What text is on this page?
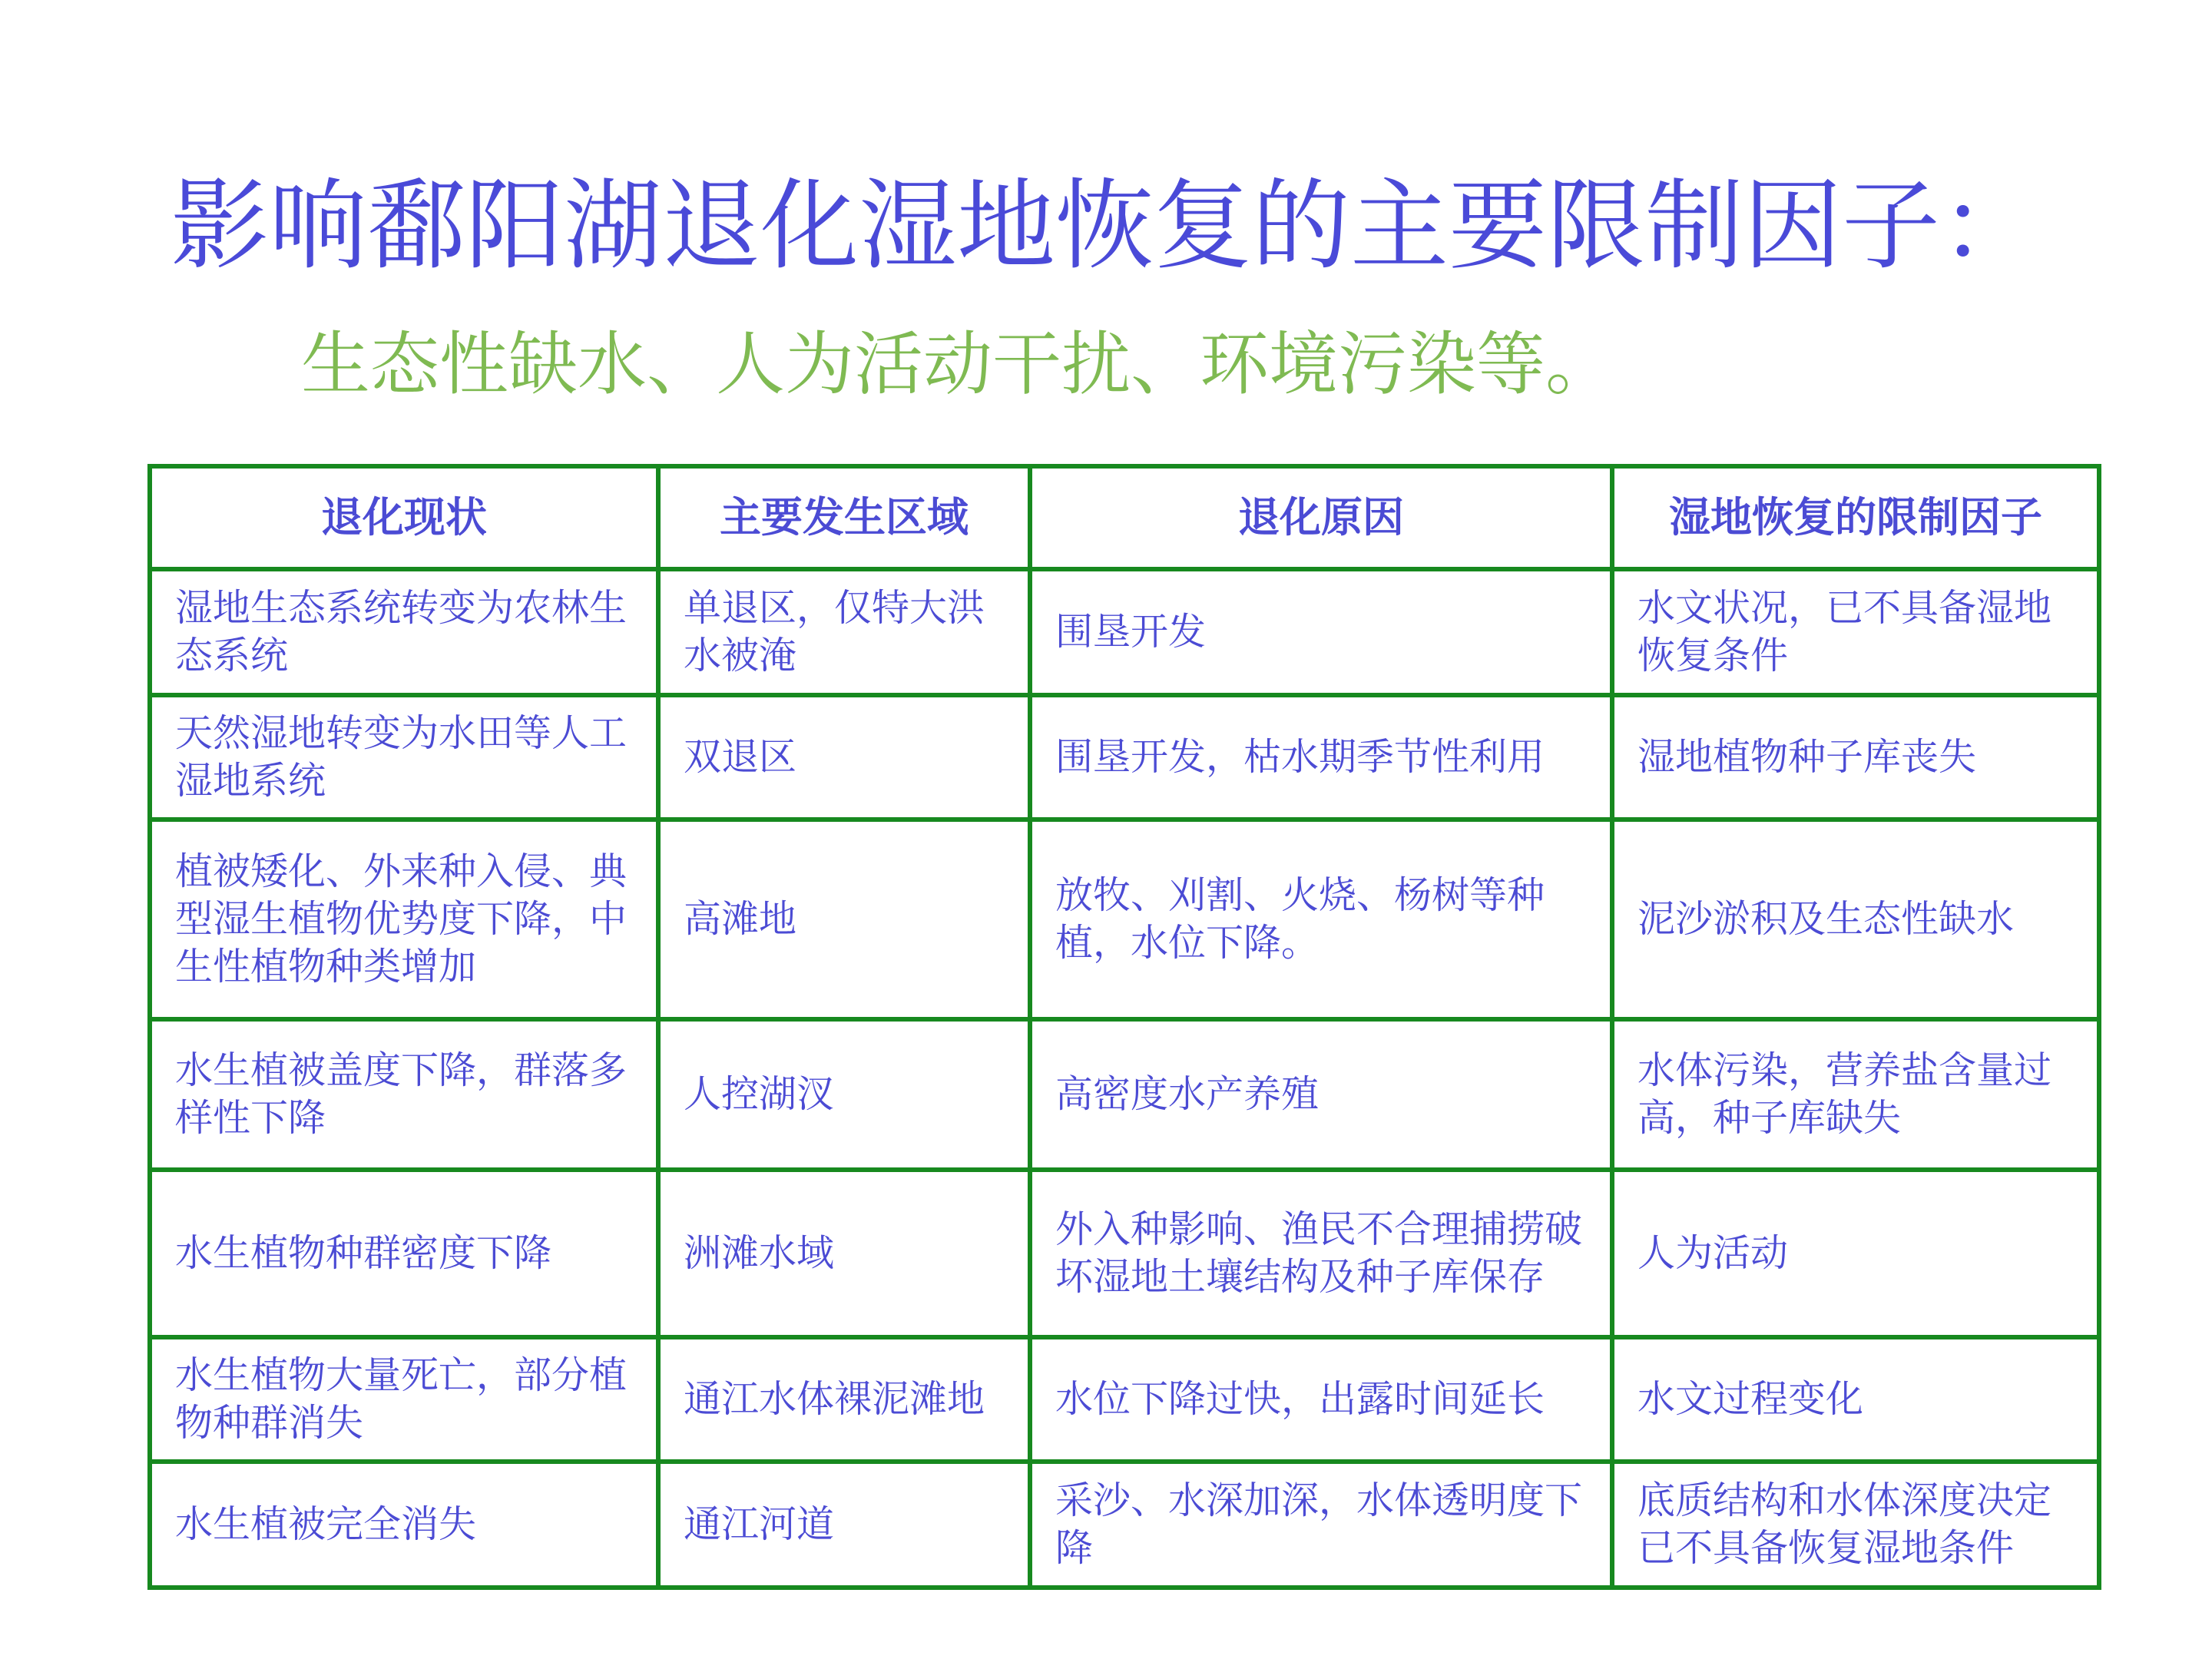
影响鄱阳湖退化湿地恢复的主要限制因子：
生态性缺水、人为活动干扰、环境污染等。
退化现状	主要发生区域	退化原因	湿地恢复的限制因子
湿地生态系统转变为农林生态系统	单退区，仅特大洪水被淹	围垦开发	水文状况，已不具备湿地恢复条件
天然湿地转变为水田等人工湿地系统	双退区	围垦开发，枯水期季节性利用	湿地植物种子库丧失
植被矮化、外来种入侵、典型湿生植物优势度下降，中生性植物种类增加	高滩地	放牧、刈割、火烧、杨树等种植，水位下降。	泥沙淤积及生态性缺水
水生植被盖度下降，群落多样性下降	人控湖汊	高密度水产养殖	水体污染，营养盐含量过高，种子库缺失
水生植物种群密度下降	洲滩水域	外入种影响、渔民不合理捕捞破坏湿地土壤结构及种子库保存	人为活动
水生植物大量死亡，部分植物种群消失	通江水体裸泥滩地	水位下降过快，出露时间延长	水文过程变化
水生植被完全消失	通江河道	采沙、水深加深，水体透明度下降	底质结构和水体深度决定已不具备恢复湿地条件
